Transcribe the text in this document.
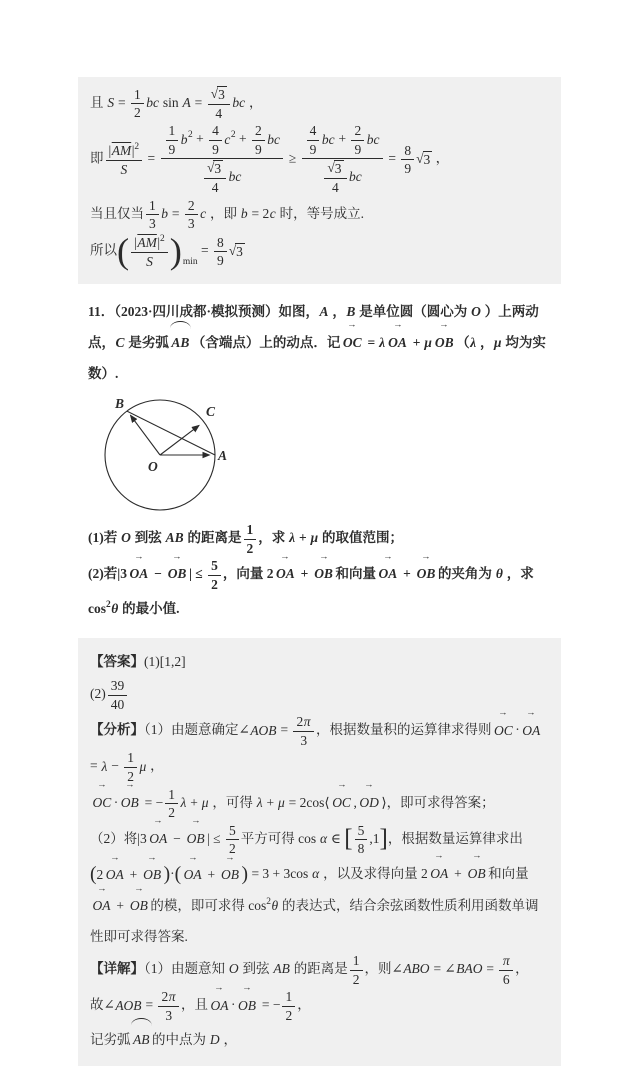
且 $S = \frac{1}{2}$ bc $\sin A = \frac{√ 3}{4}$ bc ，
即 $\frac{|\overline{AM}|^2}{S} = \frac{\frac{1}{9} b^2 + \frac{4}{9} c^2 + \frac{2}{9} bc}{\frac{√ 3}{4} bc} \ge \frac{\frac{4}{9} bc + \frac{2}{9} bc}{\frac{√ 3}{4} bc} = \frac{8}{9}$ √ 3 ，
当且仅当 $\frac{1}{3}$ $b = \frac{2}{3}$ c ，即 b = 2c 时，等号成立.
所以 ( $\frac{|\overline{AM}|^2}{S}$ ) $_{min} = \frac{8}{9}$ √ 3

11．（2023·四川成都·模拟预测）如图，A ，B 是单位圆（圆心为 O ）上两动点，C 是劣弧 AB （含端点）上的动点．记
→
OC = λ
→
OA + μ
→
OB （λ ，μ 均为实数）.

B
C
A
O

(1)若 O 到弦 AB 的距离是 $\frac{1}{2}$ ，求 λ + μ 的取值范围；

(2)若|3
→
OA −
→
OB | ≤ $\frac{5}{2}$ ，向量 2
→
OA +
→
OB 和向量
→
OA +
→
OB 的夹角为 θ ，求 $\cos^2\theta$ 的最小值.

【答案】(1)[1,2]
$(2) \frac{39}{40}$
【分析】（1）由题意确定∠AOB = $\frac{2\pi}{3}$ ，根据数量积的运算律求得则
→
OC ·
→
OA = $\lambda - \frac{1}{2}$ μ ，
→
OC ·
→
OB = − $\frac{1}{2}$ λ + μ ，可得 λ + μ = 2cos⟨
→
OC ,
→
OD ⟩，即可求得答案；
（2）将|3
→
OA −
→
OB | ≤ $\frac{5}{2}$ 平方可得 cos α ∈ [ $\frac{5}{8} ,1$ ] ，根据数量运算律求出
( 2
→
OA +
→
OB ) · (
→
OA +
→
OB ) = 3 + 3cos α ，以及求得向量 2
→
OA +
→
OB 和向量
→
OA +
→
OB 的模，即可求得 $\cos^2\theta$ 的表达式，结合余弦函数性质利用函数单调性即可求得答案.
【详解】（1）由题意知 O 到弦 AB 的距离是 $\frac{1}{2}$ ，则∠ABO = ∠BAO = $\frac{\pi}{6}$ ，
故∠AOB = $\frac{2\pi}{3}$ ，且
→
OA ·
→
OB = − $\frac{1}{2}$ ，
记劣弧 AB 的中点为 D ，
